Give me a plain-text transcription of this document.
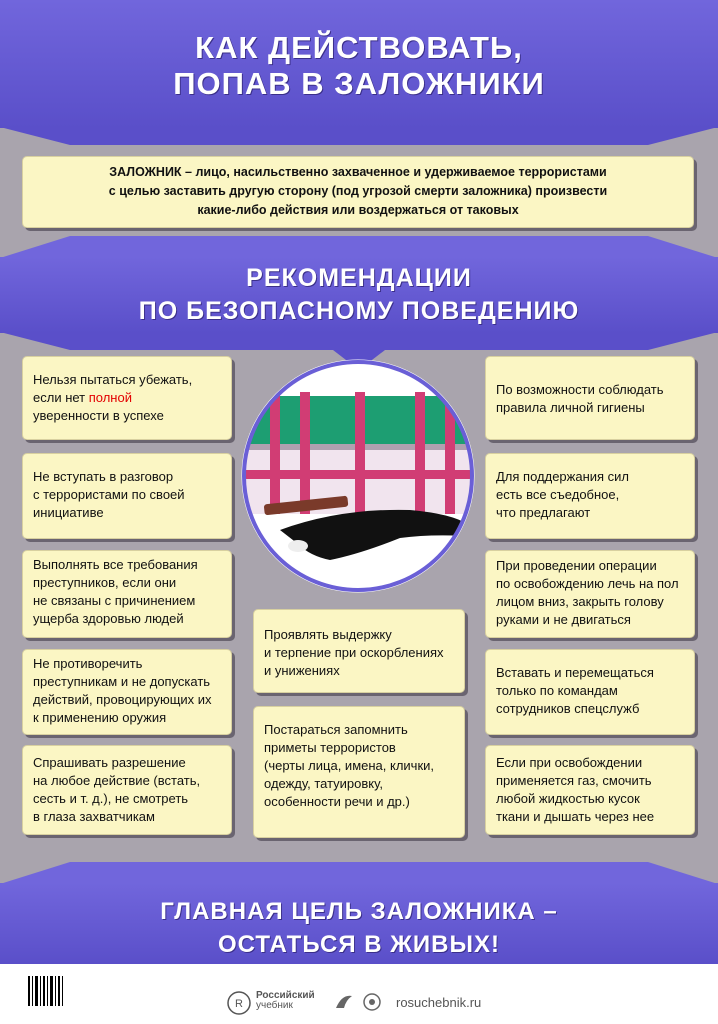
КАК ДЕЙСТВОВАТЬ,
ПОПАВ В ЗАЛОЖНИКИ

ЗАЛОЖНИК – лицо, насильственно захваченное и удерживаемое террористами

с целью заставить другую сторону (под угрозой смерти заложника) произвести

какие-либо действия или воздержаться от таковых

РЕКОМЕНДАЦИИ
ПО БЕЗОПАСНОМУ ПОВЕДЕНИЮ

Нельзя пытаться убежать,

если нет полной

уверенности в успехе

Не вступать в разговор

с террористами по своей

инициативе

Выполнять все требования

преступников, если они

не связаны с причинением

ущерба здоровью людей

Не противоречить

преступникам и не допускать

действий, провоцирующих их

к применению оружия

Спрашивать разрешение

на любое действие (встать,

сесть и т. д.), не смотреть

в глаза захватчикам

Проявлять выдержку

и терпение при оскорблениях

и унижениях

Постараться запомнить

приметы террористов

(черты лица, имена, клички,

одежду, татуировку,

особенности речи и др.)

По возможности соблюдать

правила личной гигиены

Для поддержания сил

есть все съедобное,

что предлагают

При проведении операции

по освобождению лечь на пол

лицом вниз, закрыть голову

руками и не двигаться

Вставать и перемещаться

только по командам

сотрудников спецслужб

Если при освобождении

применяется газ, смочить

любой жидкостью кусок

ткани и дышать через нее

ГЛАВНАЯ ЦЕЛЬ ЗАЛОЖНИКА –
ОСТАТЬСЯ В ЖИВЫХ!
R
Российский
учебник	rosuchebnik.ru
